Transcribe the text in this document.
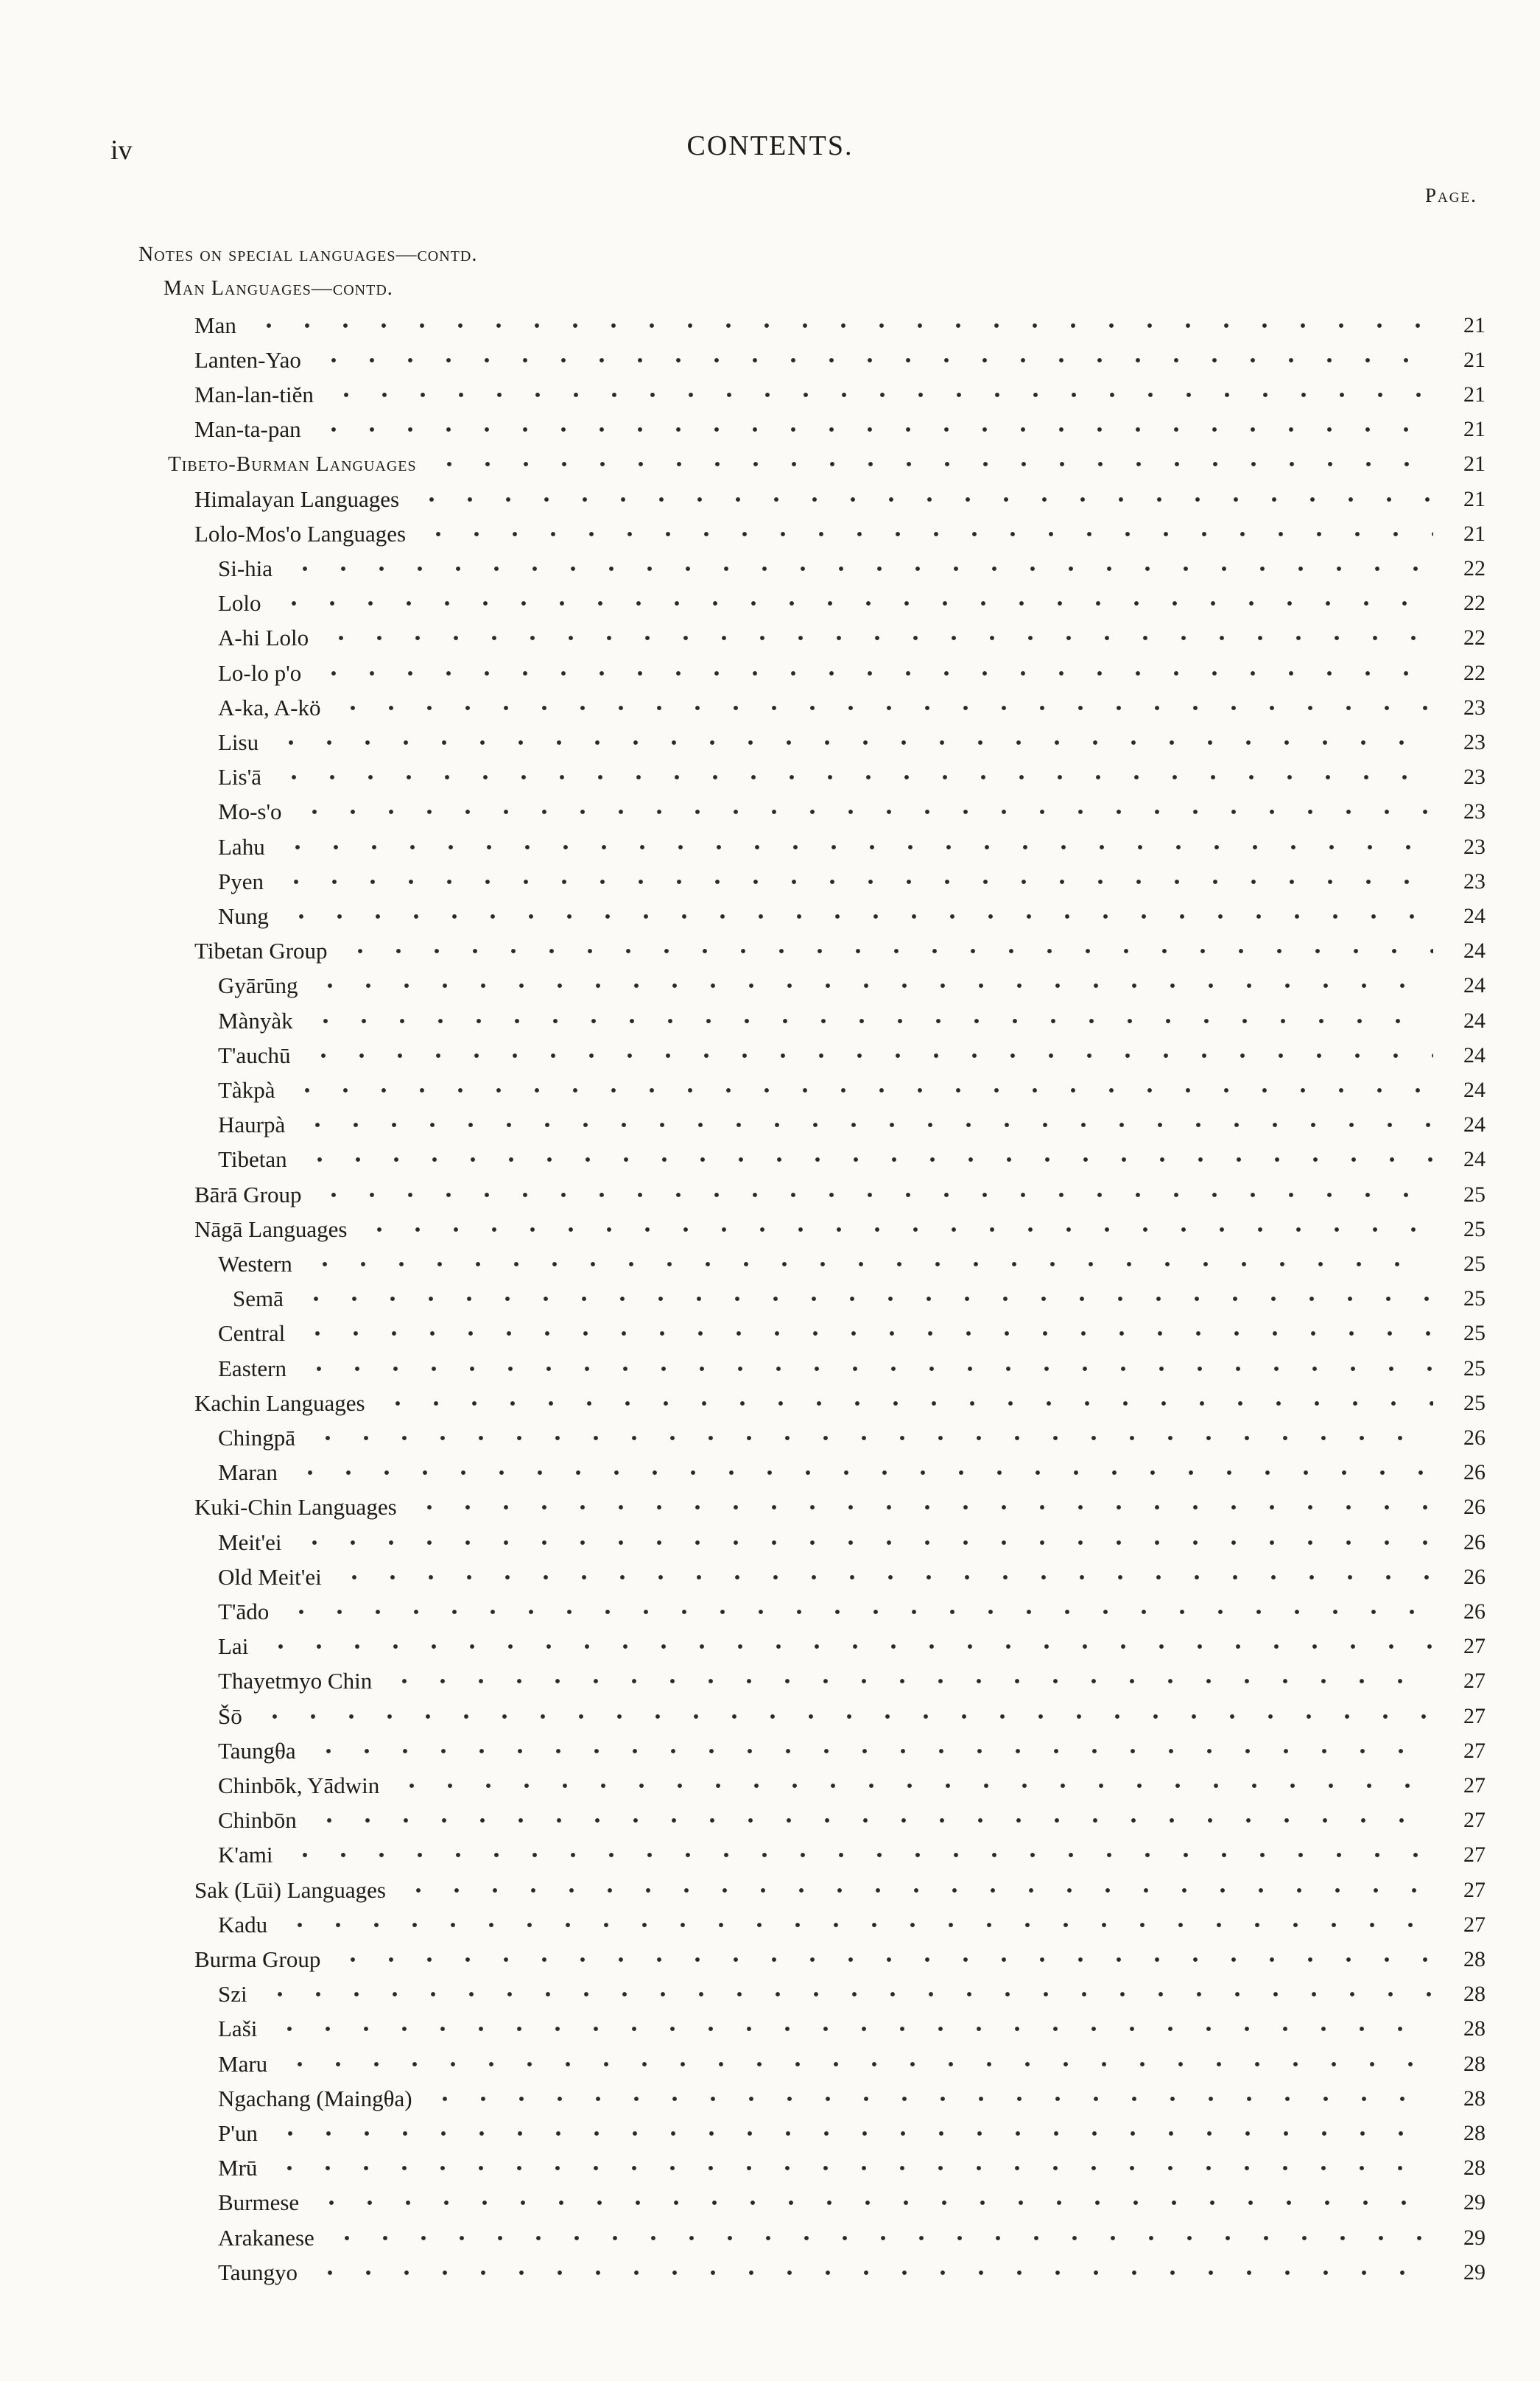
iv	CONTENTS.
Page.
Notes on special languages—contd.
Man Languages—contd.
Man	21
Lanten-Yao	21
Man-lan-tiĕn	21
Man-ta-pan	21
Tibeto-Burman Languages	21
Himalayan Languages	21
Lolo-Mos'o Languages	21
Si-hia	22
Lolo	22
A-hi Lolo	22
Lo-lo p'o	22
A-ka, A-kö	23
Lisu	23
Lis'ā	23
Mo-s'o	23
Lahu	23
Pyen	23
Nung	24
Tibetan Group	24
Gyārūng	24
Mànyàk	24
T'auchū	24
Tàkpà	24
Haurpà	24
Tibetan	24
Bārā Group	25
Nāgā Languages	25
Western	25
Semā	25
Central	25
Eastern	25
Kachin Languages	25
Chingpā	26
Maran	26
Kuki-Chin Languages	26
Meit'ei	26
Old Meit'ei	26
T'ādo	26
Lai	27
Thayetmyo Chin	27
Šō	27
Taungθa	27
Chinbōk, Yādwin	27
Chinbōn	27
K'ami	27
Sak (Lūi) Languages	27
Kadu	27
Burma Group	28
Szi	28
Laši	28
Maru	28
Ngachang (Maingθa)	28
P'un	28
Mrū	28
Burmese	29
Arakanese	29
Taungyo	29
